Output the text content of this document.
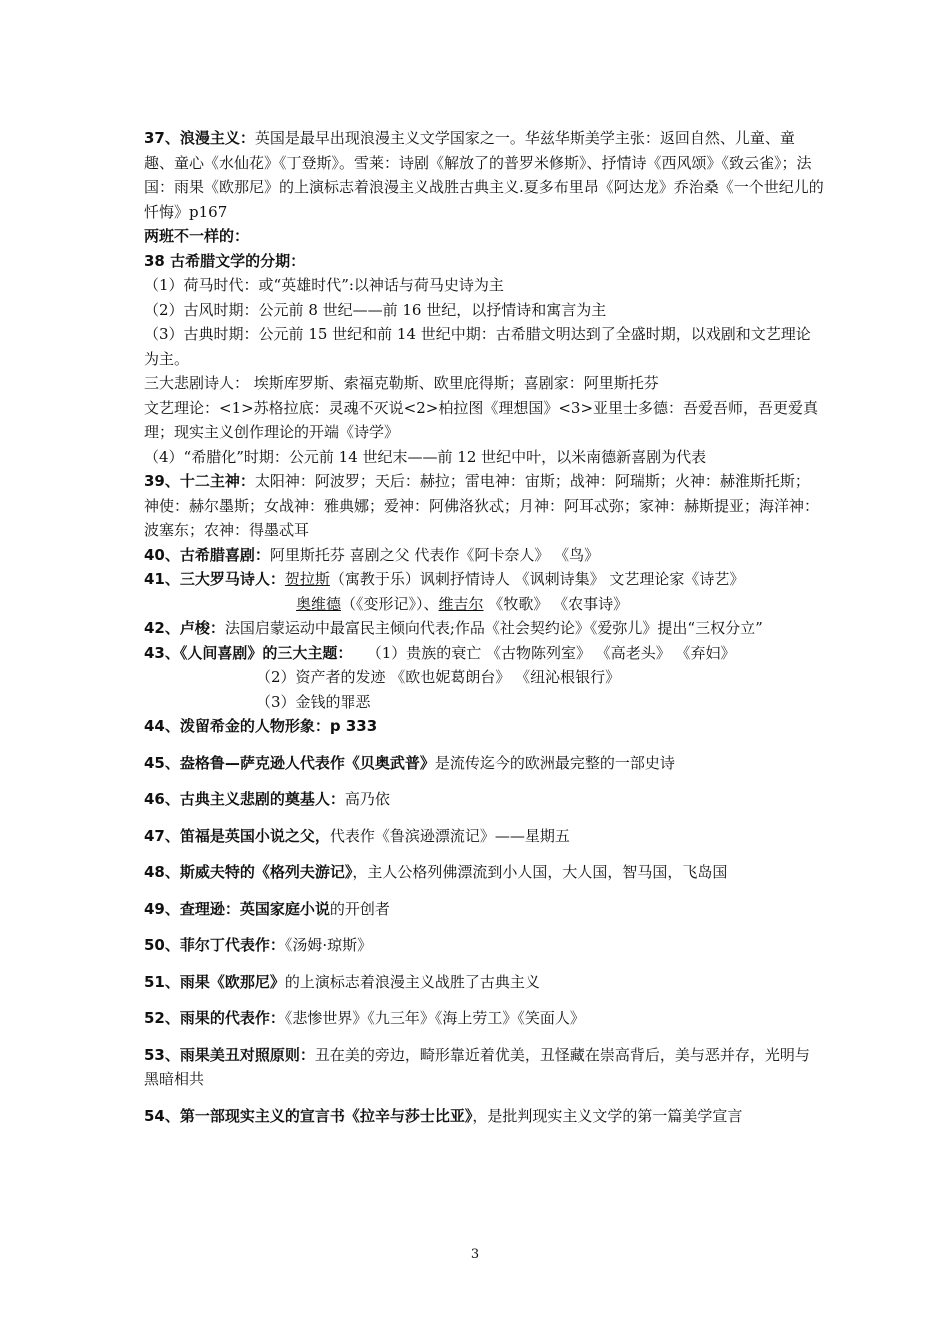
37、浪漫主义：英国是最早出现浪漫主义文学国家之一。华兹华斯美学主张：返回自然、儿童、童趣、童心《水仙花》《丁登斯》。雪莱：诗剧《解放了的普罗米修斯》、抒情诗《西风颂》《致云雀》；法国：雨果《欧那尼》的上演标志着浪漫主义战胜古典主义.夏多布里昂《阿达龙》乔治桑《一个世纪儿的忏悔》p167

两班不一样的：

38 古希腊文学的分期：

（1）荷马时代：或“英雄时代”:以神话与荷马史诗为主

（2）古风时期：公元前 8 世纪——前 16 世纪，以抒情诗和寓言为主

（3）古典时期：公元前 15 世纪和前 14 世纪中期：古希腊文明达到了全盛时期，以戏剧和文艺理论为主。

三大悲剧诗人： 埃斯库罗斯、索福克勒斯、欧里庇得斯；喜剧家：阿里斯托芬

文艺理论：<1>苏格拉底：灵魂不灭说<2>柏拉图《理想国》<3>亚里士多德：吾爱吾师，吾更爱真理；现实主义创作理论的开端《诗学》

（4）“希腊化”时期：公元前 14 世纪末——前 12 世纪中叶，以米南德新喜剧为代表

39、十二主神：太阳神：阿波罗；天后：赫拉；雷电神：宙斯；战神：阿瑞斯；火神：赫淮斯托斯；神使：赫尔墨斯；女战神：雅典娜；爱神：阿佛洛狄忒；月神：阿耳忒弥；家神：赫斯提亚；海洋神：波塞东；农神：得墨忒耳

40、古希腊喜剧：阿里斯托芬 喜剧之父 代表作《阿卡奈人》 《鸟》

41、三大罗马诗人：贺拉斯（寓教于乐）讽刺抒情诗人 《讽刺诗集》 文艺理论家《诗艺》

奥维德（《变形记》）、维吉尔 《牧歌》 《农事诗》

42、卢梭：法国启蒙运动中最富民主倾向代表;作品《社会契约论》《爱弥儿》提出“三权分立”

43、《人间喜剧》的三大主题： （1）贵族的衰亡 《古物陈列室》 《高老头》 《弃妇》

（2）资产者的发迹 《欧也妮葛朗台》 《纽沁根银行》

（3）金钱的罪恶

44、泼留希金的人物形象：p 333

45、盎格鲁—萨克逊人代表作《贝奥武普》是流传迄今的欧洲最完整的一部史诗

46、古典主义悲剧的奠基人：高乃依

47、笛福是英国小说之父，代表作《鲁滨逊漂流记》——星期五

48、斯威夫特的《格列夫游记》，主人公格列佛漂流到小人国，大人国，智马国，飞岛国

49、查理逊：英国家庭小说的开创者

50、菲尔丁代表作：《汤姆·琼斯》

51、雨果《欧那尼》的上演标志着浪漫主义战胜了古典主义

52、雨果的代表作：《悲惨世界》《九三年》《海上劳工》《笑面人》

53、雨果美丑对照原则：丑在美的旁边，畸形靠近着优美，丑怪藏在崇高背后，美与恶并存，光明与黑暗相共

54、第一部现实主义的宣言书《拉辛与莎士比亚》，是批判现实主义文学的第一篇美学宣言

3
